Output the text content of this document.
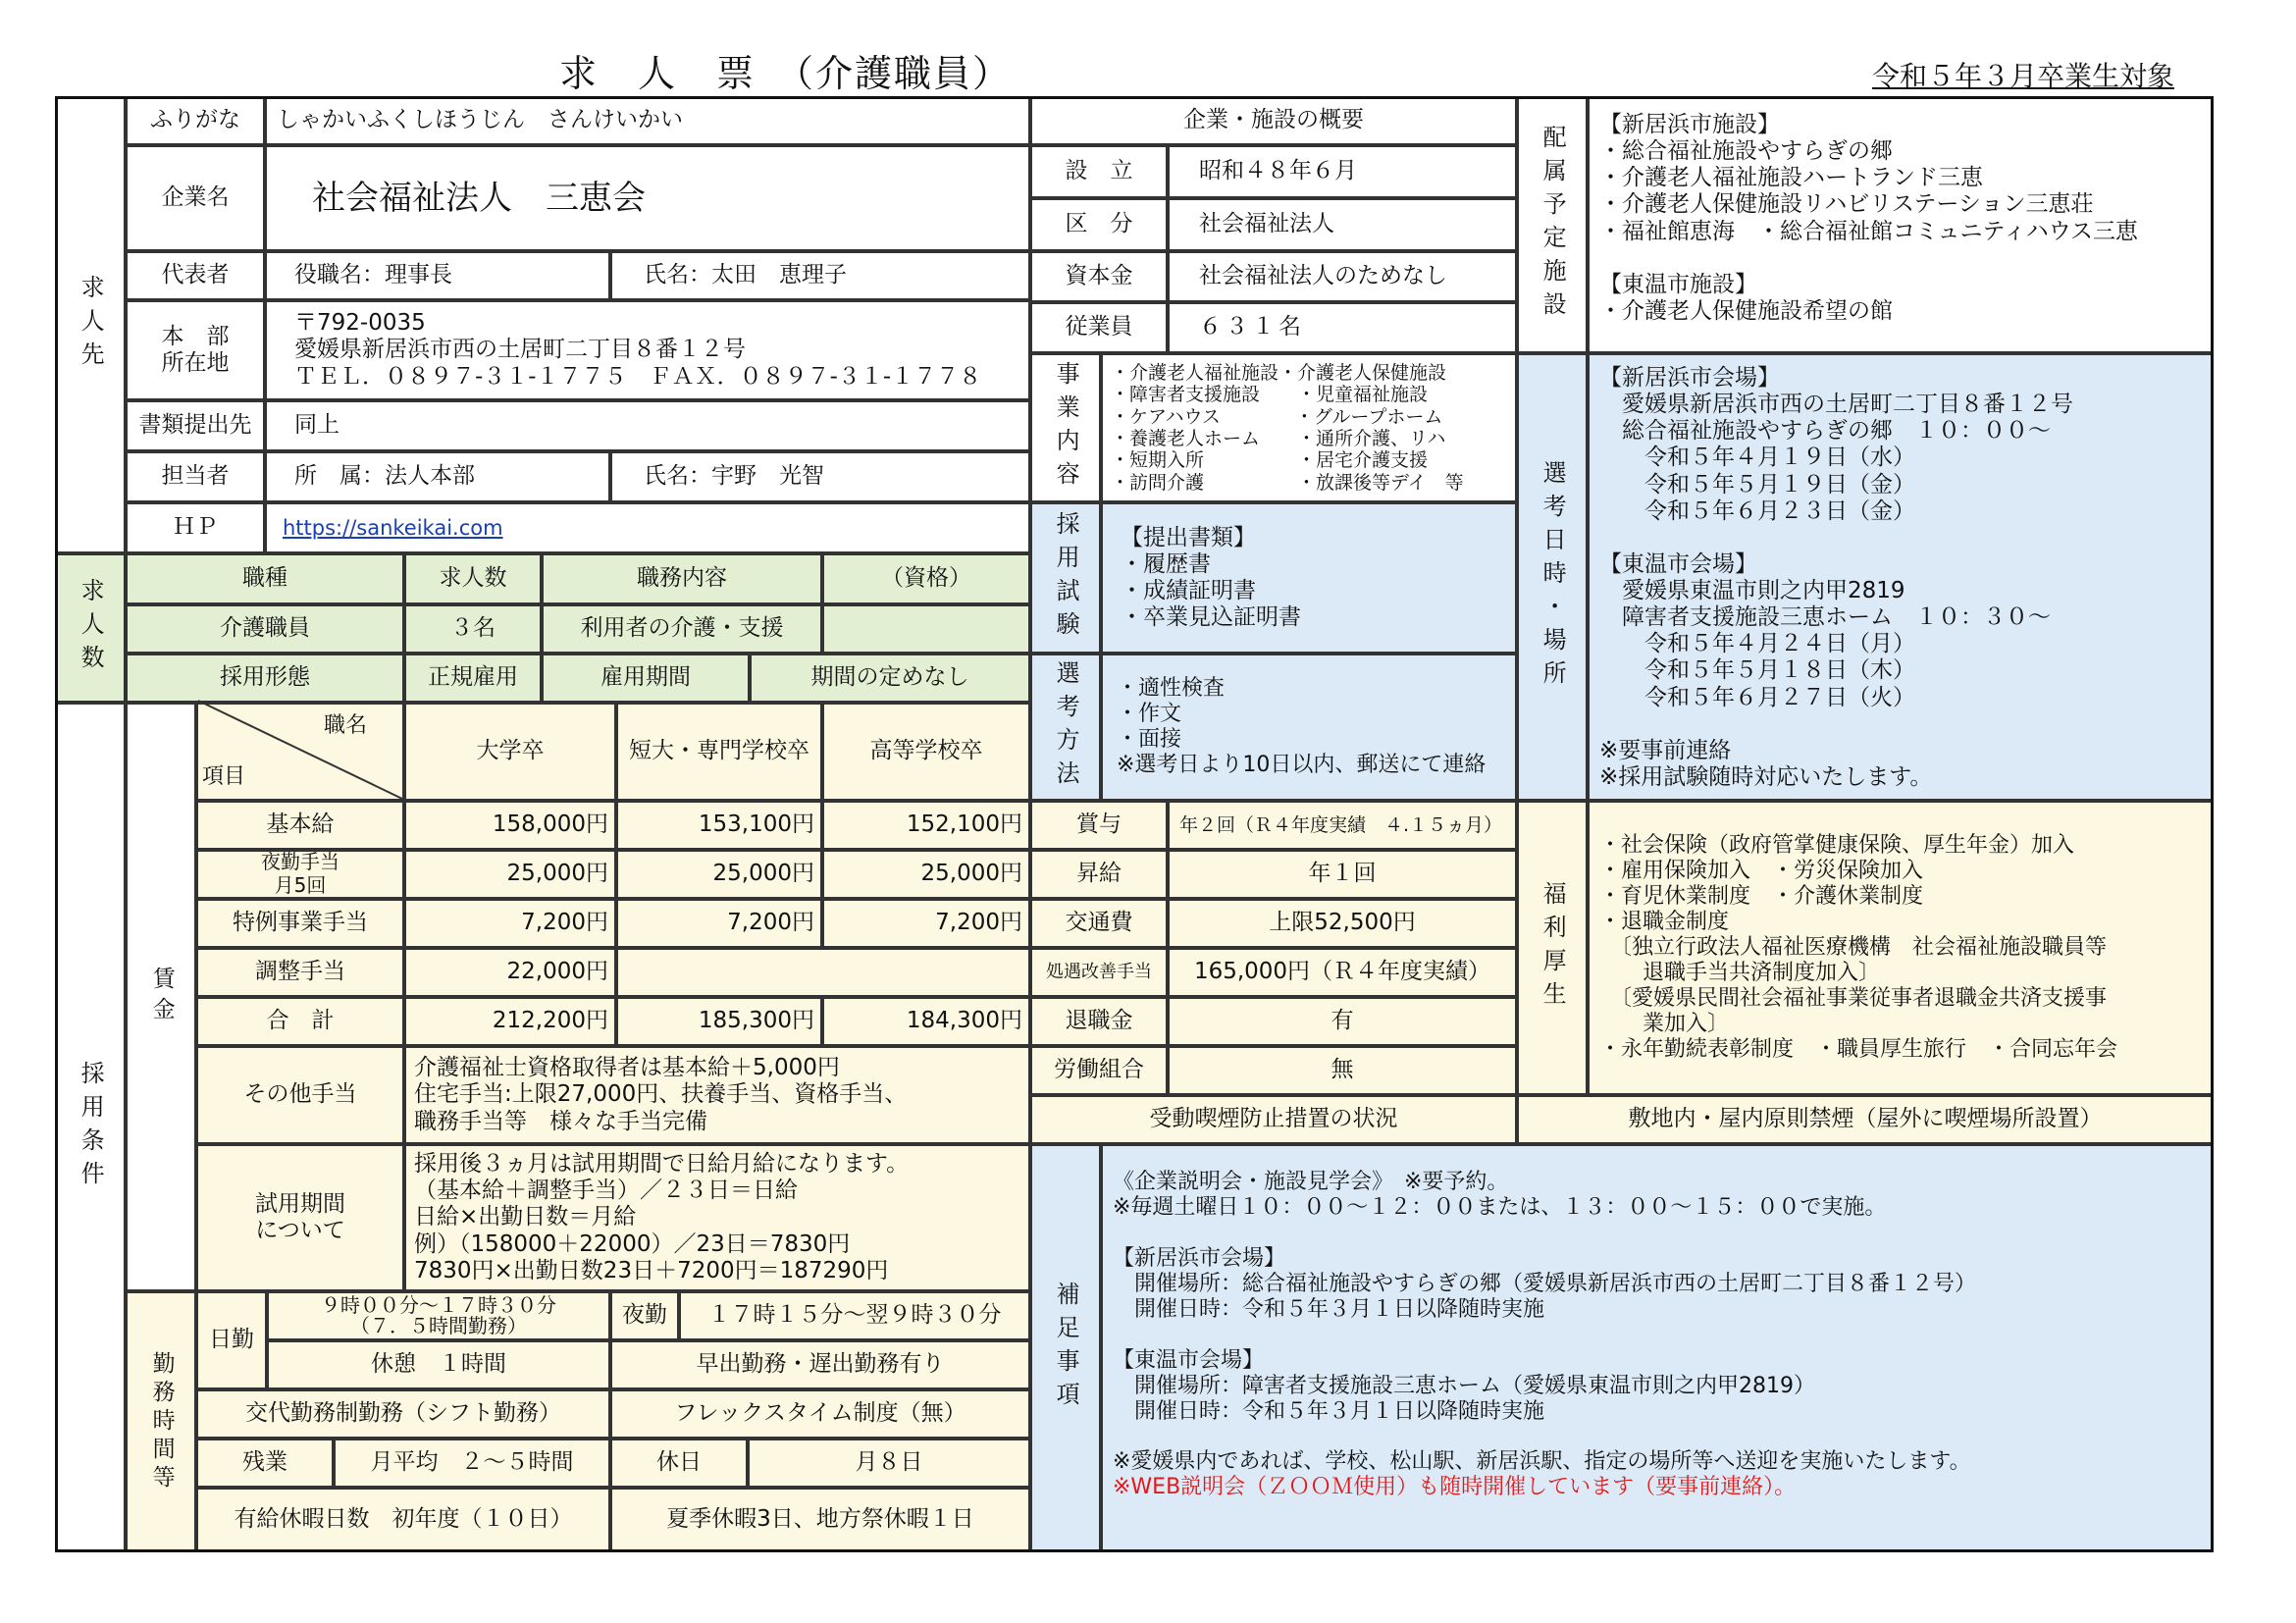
求　人　票　（介護職員）	令和５年３月卒業生対象
求人先
ふりがな	しゃかいふくしほうじん　さんけいかい
企業名	社会福祉法人　三恵会
代表者	役職名：理事長	氏名：太田　恵理子
本　部
所在地
〒792-0035
愛媛県新居浜市西の土居町二丁目８番１２号
ＴＥＬ．０８９７-３１-１７７５　ＦＡＸ．０８９７-３１-１７７８
書類提出先	同上
担当者	所　属：法人本部	氏名：宇野　光智
ＨＰ	https://sankeikai.com
企業・施設の概要
設　立	昭和４８年６月
区　分	社会福祉法人
資本金	社会福祉法人のためなし
従業員	６３１名
事業内容	・介護老人福祉施設・介護老人保健施設
・障害者支援施設　　・児童福祉施設
・ケアハウス　　　　・グループホーム
・養護老人ホーム　　・通所介護、リハ
・短期入所　　　　　・居宅介護支援
・訪問介護　　　　　・放課後等デイ　等
配属予定施設	【新居浜市施設】
・総合福祉施設やすらぎの郷
・介護老人福祉施設ハートランド三恵
・介護老人保健施設リハビリステーション三恵荘
・福祉館恵海　・総合福祉館コミュニティハウス三恵

【東温市施設】
・介護老人保健施設希望の館
採用試験	【提出書類】
・履歴書
・成績証明書
・卒業見込証明書
選考方法	・適性検査
・作文
・面接
※選考日より10日以内、郵送にて連絡
選考日時・場所
【新居浜市会場】
　愛媛県新居浜市西の土居町二丁目８番１２号
　総合福祉施設やすらぎの郷　１０：００～
　　令和５年４月１９日（水）
　　令和５年５月１９日（金）
　　令和５年６月２３日（金）

【東温市会場】
　愛媛県東温市則之内甲2819
　障害者支援施設三恵ホーム　１０：３０～
　　令和５年４月２４日（月）
　　令和５年５月１８日（木）
　　令和５年６月２７日（火）

※要事前連絡
※採用試験随時対応いたします。
求人数	職種	求人数	職務内容	（資格）
介護職員	３名	利用者の介護・支援
採用形態	正規雇用	雇用期間	期間の定めなし
採用条件
賃金
職名
項目
大学卒	短大・専門学校卒	高等学校卒
基本給	158,000円	153,100円	152,100円
夜勤手当
月5回	25,000円	25,000円	25,000円
特例事業手当	7,200円	7,200円	7,200円
調整手当	22,000円
合　計	212,200円	185,300円	184,300円
その他手当
介護福祉士資格取得者は基本給＋5,000円
住宅手当:上限27,000円、扶養手当、資格手当、
職務手当等　様々な手当完備
試用期間
について
採用後３ヵ月は試用期間で日給月給になります。
（基本給＋調整手当）／２３日＝日給
日給×出勤日数＝月給
例）（158000＋22000）／23日＝7830円
7830円×出勤日数23日＋7200円＝187290円
賞与	年２回（Ｒ４年度実績　４.１５ヵ月）
昇給	年１回
交通費	上限52,500円
処遇改善手当	165,000円（Ｒ４年度実績）
退職金	有
労働組合	無
福利厚生
・社会保険（政府管掌健康保険、厚生年金）加入
・雇用保険加入　・労災保険加入
・育児休業制度　・介護休業制度
・退職金制度
　〔独立行政法人福祉医療機構　社会福祉施設職員等
　　退職手当共済制度加入〕
　〔愛媛県民間社会福祉事業従事者退職金共済支援事
　　業加入〕
・永年勤続表彰制度　・職員厚生旅行　・合同忘年会
受動喫煙防止措置の状況	敷地内・屋内原則禁煙（屋外に喫煙場所設置）
勤務時間等
日勤
９時００分～１７時３０分
（７．５時間勤務）	夜勤	１７時１５分～翌９時３０分
休憩　１時間	早出勤務・遅出勤務有り
交代勤務制勤務（シフト勤務）	フレックスタイム制度（無）
残業	月平均　２～５時間	休日	月８日
有給休暇日数　初年度（１０日）	夏季休暇3日、地方祭休暇１日
補足事項
《企業説明会・施設見学会》　※要予約。
※毎週土曜日１０：００～１２：００または、１３：００～１５：００で実施。

【新居浜市会場】
　開催場所：総合福祉施設やすらぎの郷（愛媛県新居浜市西の土居町二丁目８番１２号）
　開催日時：令和５年３月１日以降随時実施

【東温市会場】
　開催場所：障害者支援施設三恵ホーム（愛媛県東温市則之内甲2819）
　開催日時：令和５年３月１日以降随時実施

※愛媛県内であれば、学校、松山駅、新居浜駅、指定の場所等へ送迎を実施いたします。
※WEB説明会（ＺＯＯＭ使用）も随時開催しています（要事前連絡）。
